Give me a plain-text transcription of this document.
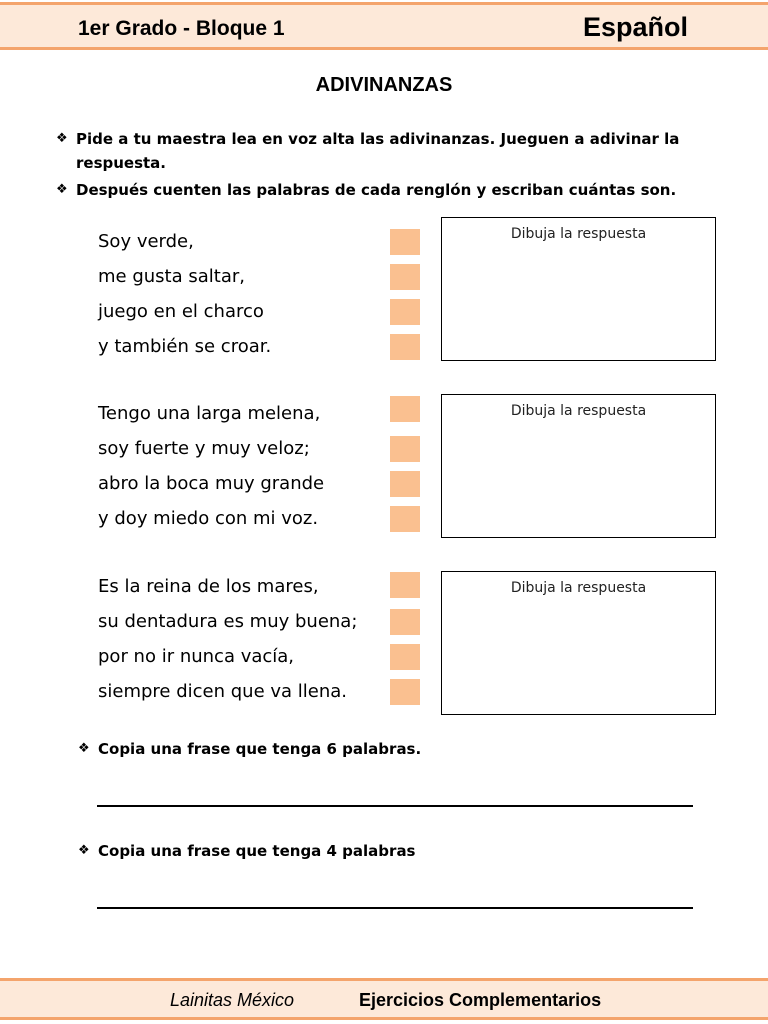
1er Grado - Bloque 1	Español
ADIVINANZAS
❖ Pide a tu maestra lea en voz alta las adivinanzas. Jueguen a adivinar la respuesta.
❖ Después cuenten las palabras de cada renglón y escriban cuántas son.
Soy verde,
me gusta saltar,
juego en el charco
y también se croar.
Dibuja la respuesta
Tengo una larga melena,
soy fuerte y muy veloz;
abro la boca muy grande
y doy miedo con mi voz.
Dibuja la respuesta
Es la reina de los mares,
su dentadura es muy buena;
por no ir nunca vacía,
siempre dicen que va llena.
Dibuja la respuesta
❖ Copia una frase que tenga 6 palabras.
❖ Copia una frase que tenga 4 palabras
Lainitas México	Ejercicios Complementarios
